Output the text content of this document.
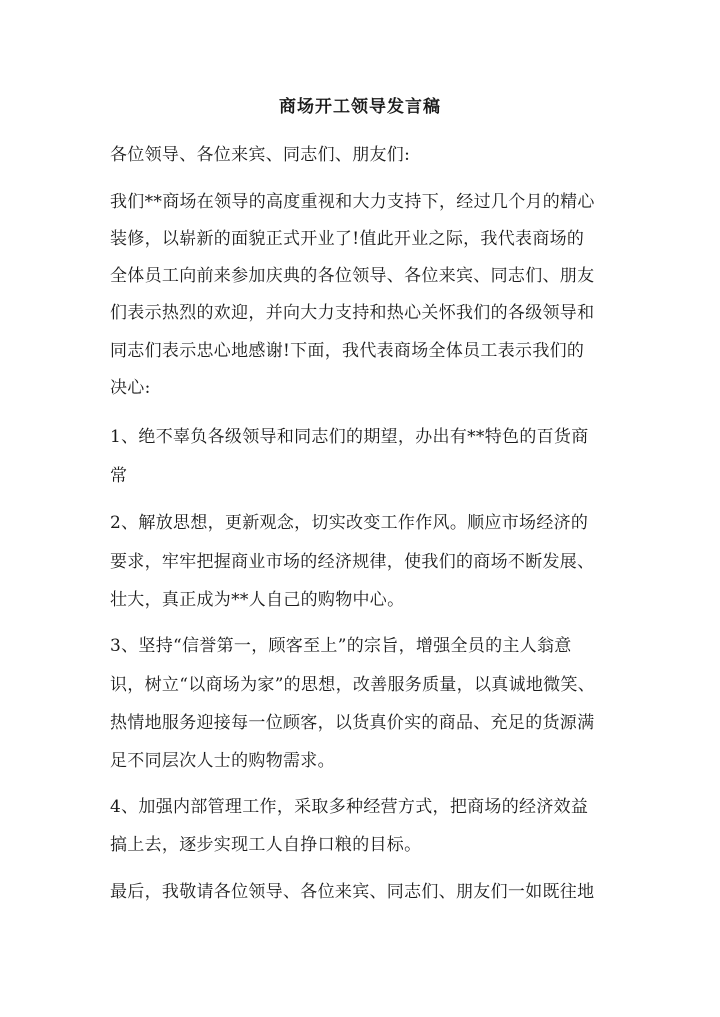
商场开工领导发言稿
各位领导、各位来宾、同志们、朋友们:
我们**商场在领导的高度重视和大力支持下，经过几个月的精心
装修，以崭新的面貌正式开业了!值此开业之际，我代表商场的
全体员工向前来参加庆典的各位领导、各位来宾、同志们、朋友
们表示热烈的欢迎，并向大力支持和热心关怀我们的各级领导和
同志们表示忠心地感谢!下面，我代表商场全体员工表示我们的
决心:
1、绝不辜负各级领导和同志们的期望，办出有**特色的百货商
常
2、解放思想，更新观念，切实改变工作作风。顺应市场经济的
要求，牢牢把握商业市场的经济规律，使我们的商场不断发展、
壮大，真正成为**人自己的购物中心。
3、坚持“信誉第一，顾客至上”的宗旨，增强全员的主人翁意
识，树立“以商场为家”的思想，改善服务质量，以真诚地微笑、
热情地服务迎接每一位顾客，以货真价实的商品、充足的货源满
足不同层次人士的购物需求。
4、加强内部管理工作，采取多种经营方式，把商场的经济效益
搞上去，逐步实现工人自挣口粮的目标。
最后，我敬请各位领导、各位来宾、同志们、朋友们一如既往地
